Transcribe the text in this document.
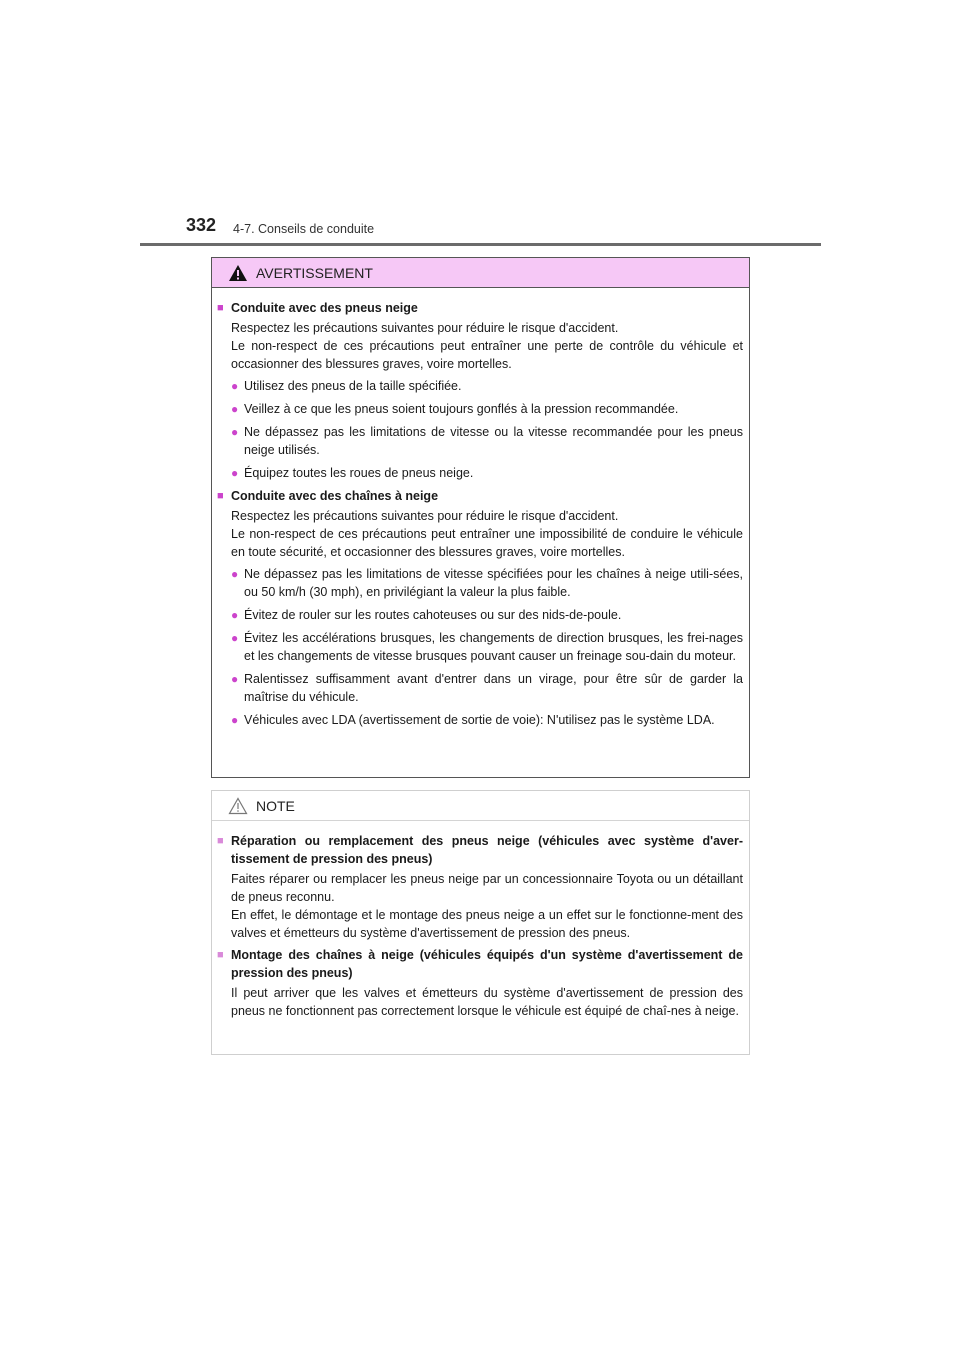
332 4-7. Conseils de conduite
AVERTISSEMENT
■ Conduite avec des pneus neige

Respectez les précautions suivantes pour réduire le risque d'accident.

Le non-respect de ces précautions peut entraîner une perte de contrôle du véhicule et occasionner des blessures graves, voire mortelles.

● Utilisez des pneus de la taille spécifiée.
● Veillez à ce que les pneus soient toujours gonflés à la pression recommandée.
● Ne dépassez pas les limitations de vitesse ou la vitesse recommandée pour les pneus neige utilisés.
● Équipez toutes les roues de pneus neige.
■ Conduite avec des chaînes à neige

Respectez les précautions suivantes pour réduire le risque d'accident.

Le non-respect de ces précautions peut entraîner une impossibilité de conduire le véhicule en toute sécurité, et occasionner des blessures graves, voire mortelles.

● Ne dépassez pas les limitations de vitesse spécifiées pour les chaînes à neige utili-sées, ou 50 km/h (30 mph), en privilégiant la valeur la plus faible.
● Évitez de rouler sur les routes cahoteuses ou sur des nids-de-poule.
● Évitez les accélérations brusques, les changements de direction brusques, les frei-nages et les changements de vitesse brusques pouvant causer un freinage sou-dain du moteur.
● Ralentissez suffisamment avant d'entrer dans un virage, pour être sûr de garder la maîtrise du véhicule.
● Véhicules avec LDA (avertissement de sortie de voie): N'utilisez pas le système LDA.
NOTE
■ Réparation ou remplacement des pneus neige (véhicules avec système d'aver-tissement de pression des pneus)

Faites réparer ou remplacer les pneus neige par un concessionnaire Toyota ou un détaillant de pneus reconnu.

En effet, le démontage et le montage des pneus neige a un effet sur le fonctionne-ment des valves et émetteurs du système d'avertissement de pression des pneus.

■ Montage des chaînes à neige (véhicules équipés d'un système d'avertissement de pression des pneus)

Il peut arriver que les valves et émetteurs du système d'avertissement de pression des pneus ne fonctionnent pas correctement lorsque le véhicule est équipé de chaî-nes à neige.
